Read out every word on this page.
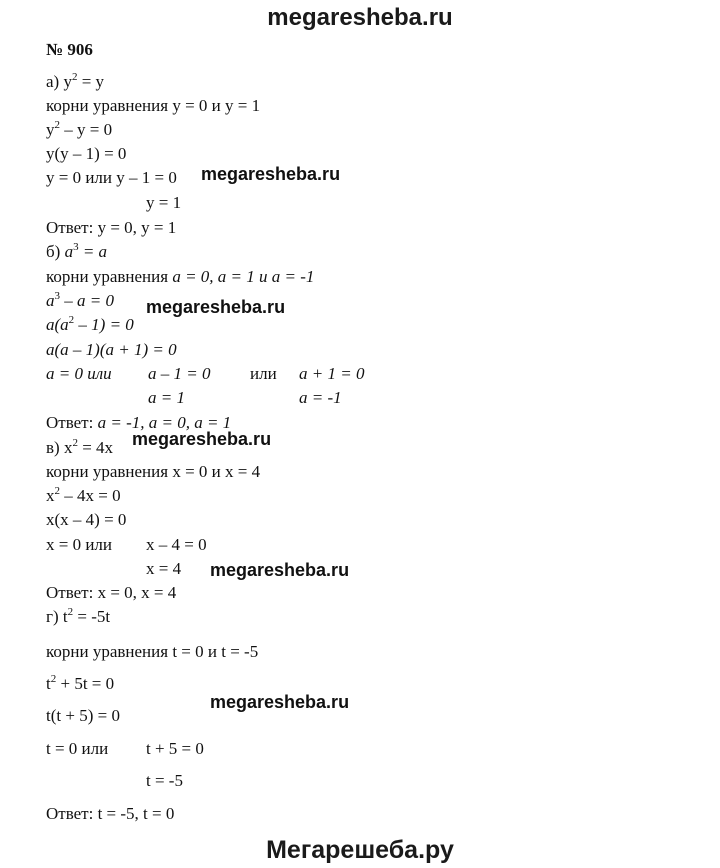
megaresheba.ru
№ 906
а) $y^2 = y$
корни уравнения y = 0 и y = 1
$y^2 - y = 0$
y(y – 1) = 0
y = 0 или y – 1 = 0
y = 1
Ответ: y = 0, y = 1
б) $a^3 = a$
корни уравнения a = 0, a = 1 и a = -1
$a^3 - a = 0$
$a(a^2 - 1) = 0$
a(a – 1)(a + 1) = 0
a = 0 или a – 1 = 0 или a + 1 = 0
a = 1	a = -1
Ответ: a = -1, a = 0, a = 1
в) $x^2 = 4x$
корни уравнения x = 0 и x = 4
$x^2 - 4x = 0$
x(x – 4) = 0
x = 0 или x – 4 = 0
x = 4
Ответ: x = 0, x = 4
г) $t^2 = -5t$
корни уравнения t = 0 и t = -5
$t^2 + 5t = 0$
t(t + 5) = 0
t = 0 или t + 5 = 0
t = -5
Ответ: t = -5, t = 0
megaresheba.ru
megaresheba.ru
megaresheba.ru
megaresheba.ru
megaresheba.ru
Мегарешеба.ру
